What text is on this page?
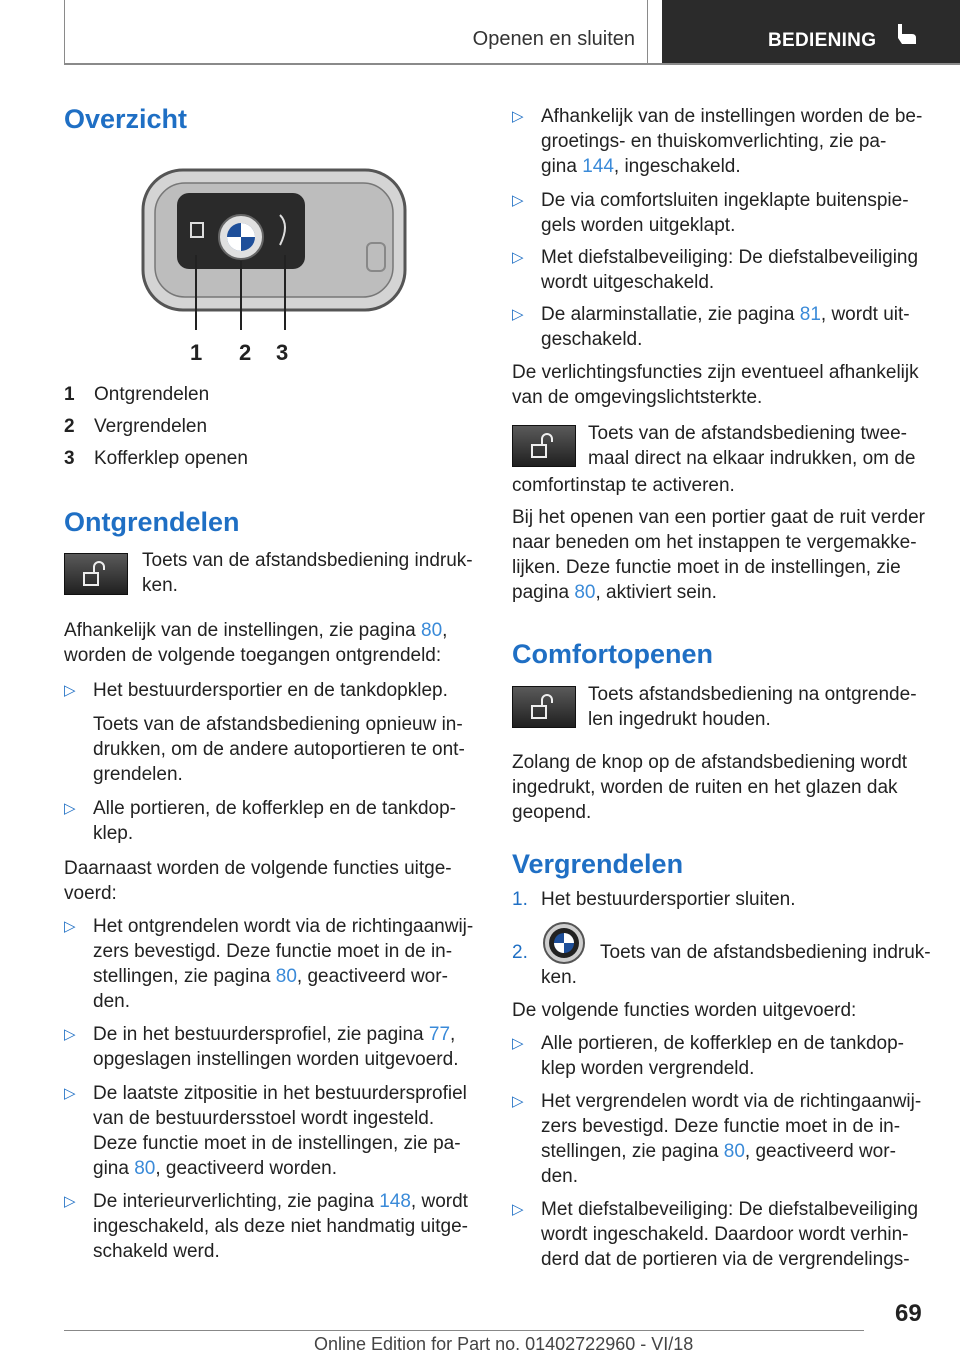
Openen en sluiten	BEDIENING
Overzicht
1 2 3
1 Ontgrendelen
2 Vergrendelen
3 Kofferklep openen
Ontgrendelen

Toets van de afstandsbediening indruk-

ken.

Afhankelijk van de instellingen, zie pagina 80,

worden de volgende toegangen ontgrendeld:

▷ Het bestuurdersportier en de tankdopklep.

Toets van de afstandsbediening opnieuw in-

drukken, om de andere autoportieren te ont-

grendelen.

▷ Alle portieren, de kofferklep en de tankdop-

klep.

Daarnaast worden de volgende functies uitge-

voerd:

▷ Het ontgrendelen wordt via de richtingaanwij-

zers bevestigd. Deze functie moet in de in-

stellingen, zie pagina 80, geactiveerd wor-

den.

▷ De in het bestuurdersprofiel, zie pagina 77,

opgeslagen instellingen worden uitgevoerd.

▷ De laatste zitpositie in het bestuurdersprofiel

van de bestuurdersstoel wordt ingesteld.

Deze functie moet in de instellingen, zie pa-

gina 80, geactiveerd worden.

▷ De interieurverlichting, zie pagina 148, wordt

ingeschakeld, als deze niet handmatig uitge-

schakeld werd.

▷ Afhankelijk van de instellingen worden de be-

groetings- en thuiskomverlichting, zie pa-

gina 144, ingeschakeld.

▷ De via comfortsluiten ingeklapte buitenspie-

gels worden uitgeklapt.

▷ Met diefstalbeveiliging: De diefstalbeveiliging

wordt uitgeschakeld.

▷ De alarminstallatie, zie pagina 81, wordt uit-

geschakeld.

De verlichtingsfuncties zijn eventueel afhankelijk

van de omgevingslichtsterkte.

Toets van de afstandsbediening twee-

maal direct na elkaar indrukken, om de

comfortinstap te activeren.

Bij het openen van een portier gaat de ruit verder

naar beneden om het instappen te vergemakke-

lijken. Deze functie moet in de instellingen, zie

pagina 80, aktiviert sein.

Comfortopenen

Toets afstandsbediening na ontgrende-

len ingedrukt houden.

Zolang de knop op de afstandsbediening wordt

ingedrukt, worden de ruiten en het glazen dak

geopend.

Vergrendelen

1. Het bestuurdersportier sluiten.

2.	Toets van de afstandsbediening indruk-

ken.

De volgende functies worden uitgevoerd:

▷ Alle portieren, de kofferklep en de tankdop-

klep worden vergrendeld.

▷ Het vergrendelen wordt via de richtingaanwij-

zers bevestigd. Deze functie moet in de in-

stellingen, zie pagina 80, geactiveerd wor-

den.

▷ Met diefstalbeveiliging: De diefstalbeveiliging

wordt ingeschakeld. Daardoor wordt verhin-

derd dat de portieren via de vergrendelings-

69
Online Edition for Part no. 01402722960 - VI/18
